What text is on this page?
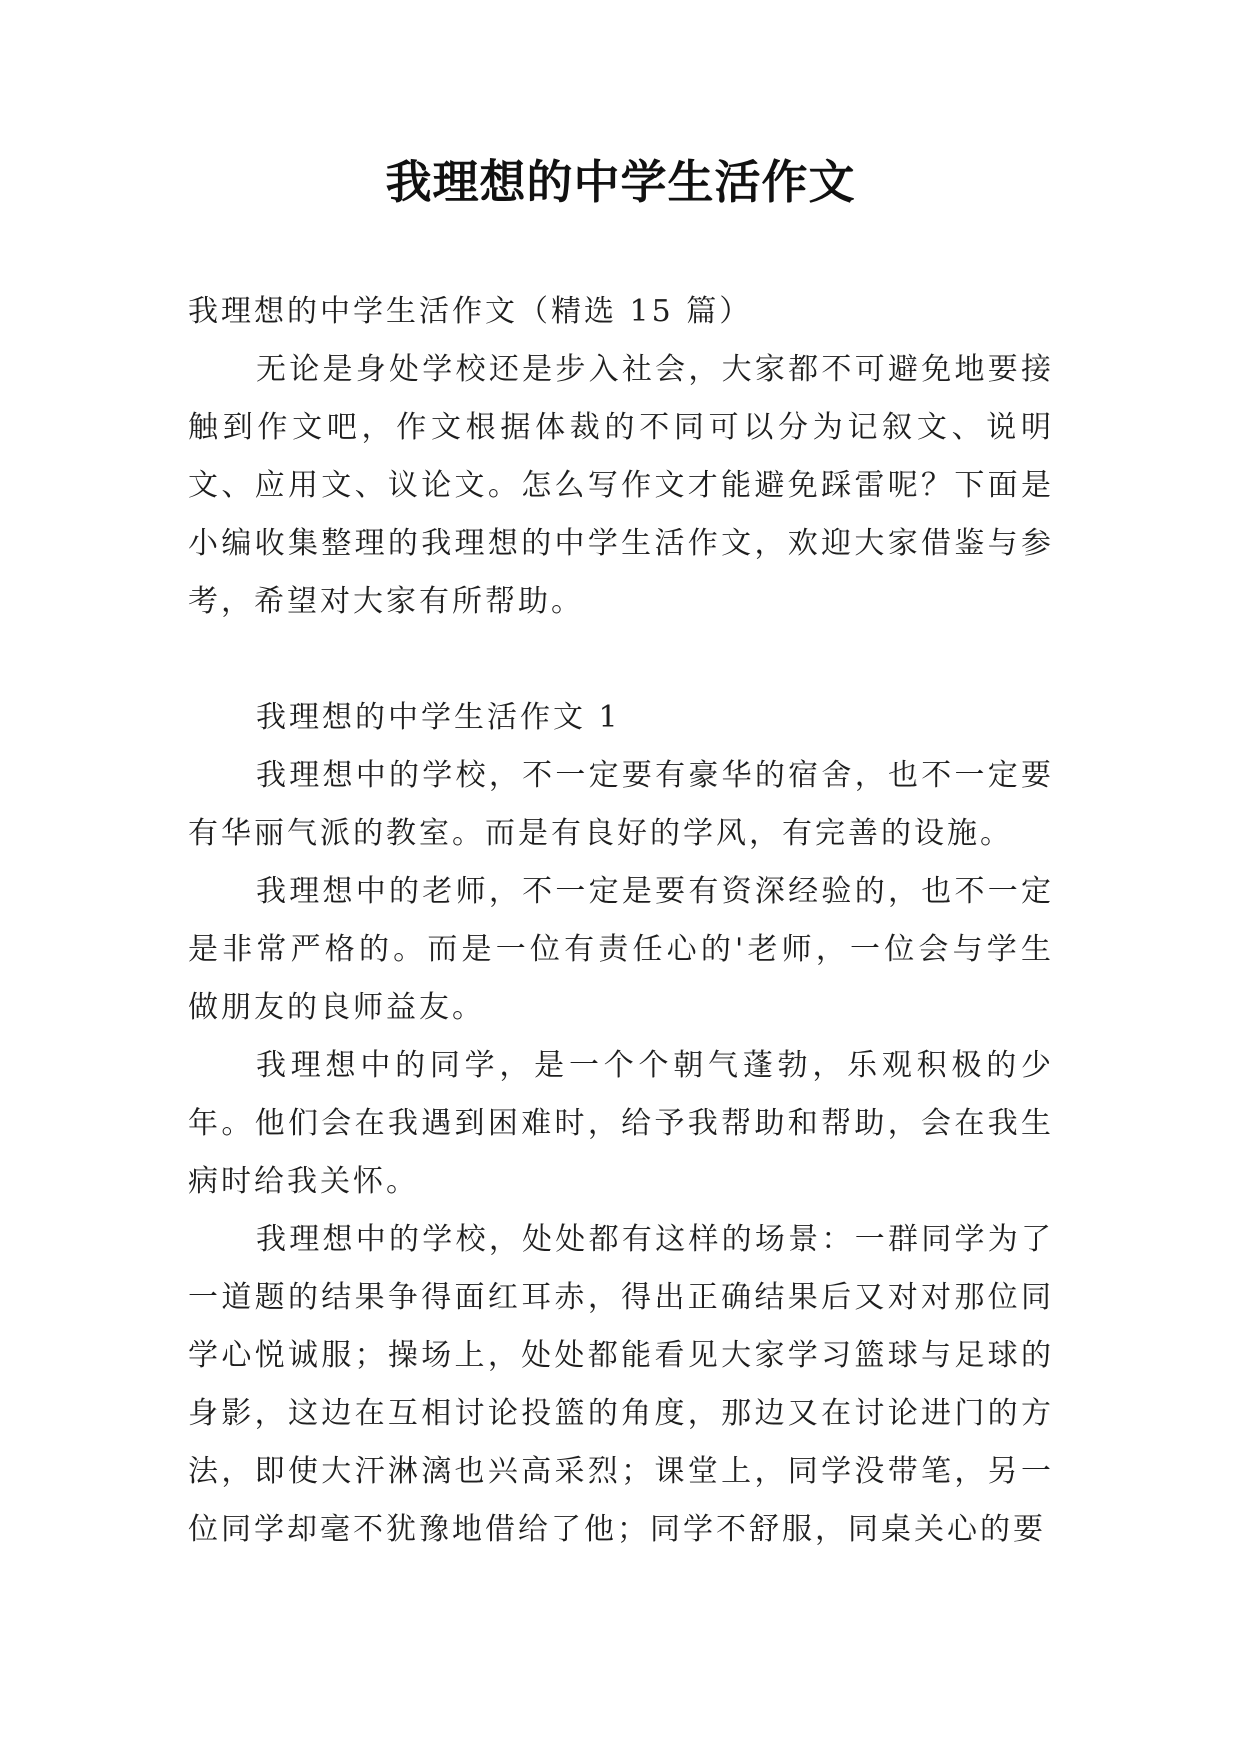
我理想的中学生活作文

我理想的中学生活作文（精选 15 篇）

无论是身处学校还是步入社会，大家都不可避免地要接触到作文吧，作文根据体裁的不同可以分为记叙文、说明文、应用文、议论文。怎么写作文才能避免踩雷呢？下面是小编收集整理的我理想的中学生活作文，欢迎大家借鉴与参考，希望对大家有所帮助。

我理想的中学生活作文 1

我理想中的学校，不一定要有豪华的宿舍，也不一定要有华丽气派的教室。而是有良好的学风，有完善的设施。

我理想中的老师，不一定是要有资深经验的，也不一定是非常严格的。而是一位有责任心的'老师，一位会与学生做朋友的良师益友。

我理想中的同学，是一个个朝气蓬勃，乐观积极的少年。他们会在我遇到困难时，给予我帮助和帮助，会在我生病时给我关怀。

我理想中的学校，处处都有这样的场景：一群同学为了一道题的结果争得面红耳赤，得出正确结果后又对对那位同学心悦诚服；操场上，处处都能看见大家学习篮球与足球的身影，这边在互相讨论投篮的角度，那边又在讨论进门的方法，即使大汗淋漓也兴高采烈；课堂上，同学没带笔，另一位同学却毫不犹豫地借给了他；同学不舒服，同桌关心的要
